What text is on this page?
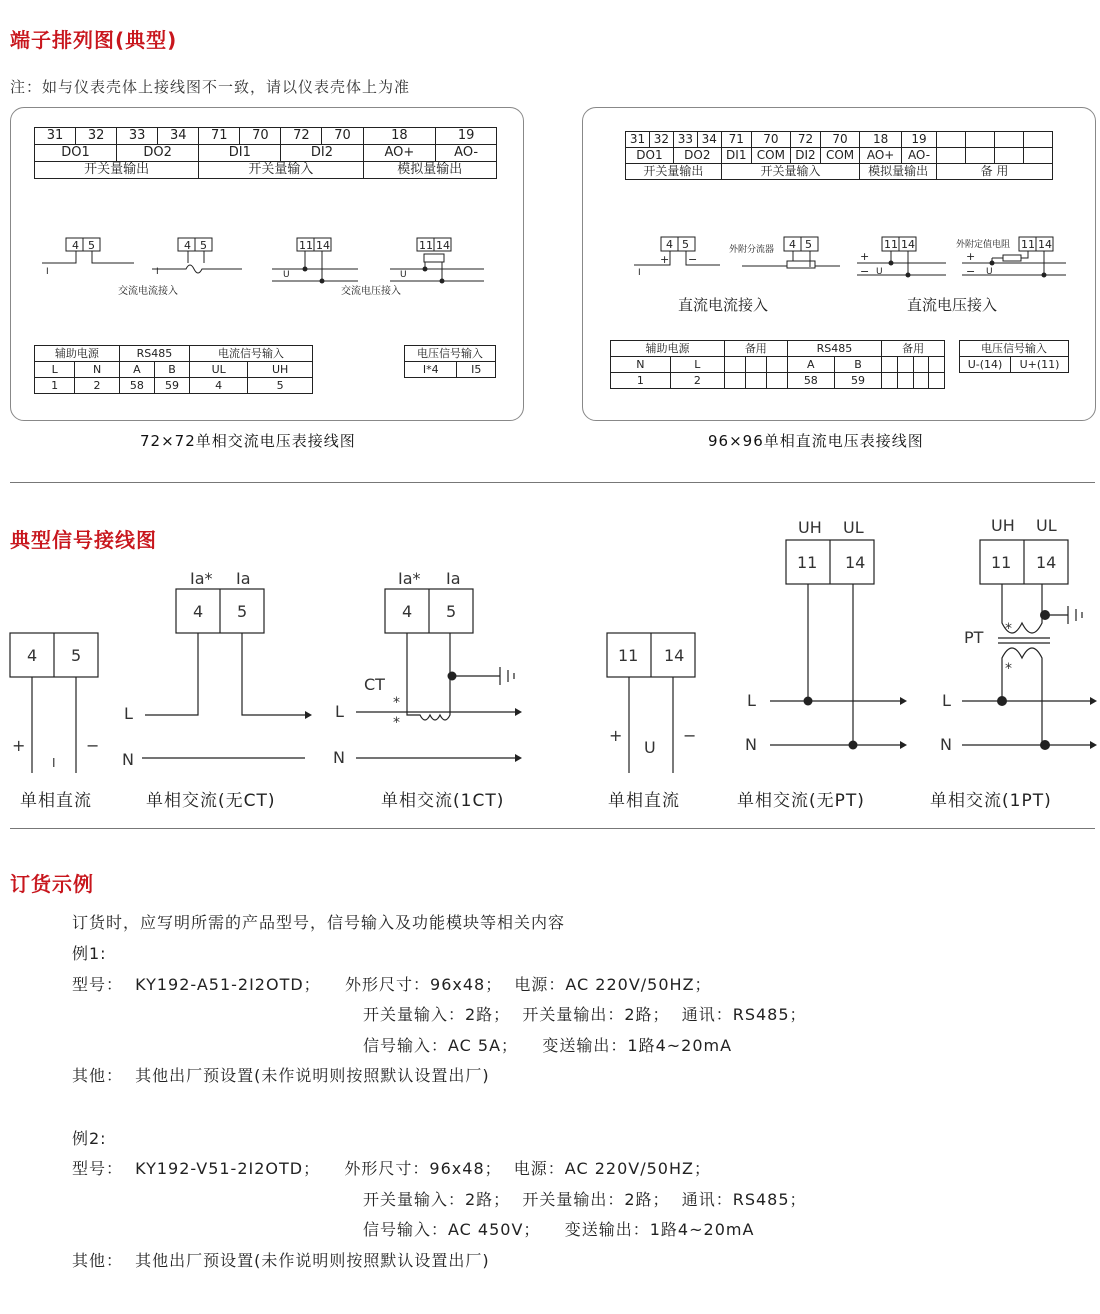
端子排列图(典型)
注：如与仪表壳体上接线图不一致，请以仪表壳体上为准
31	32	33	34	71	70	72	70	18	19
DO1		DO2		DI1		DI2		AO+	AO-
开关量输出				开关量输入				模拟量输出	
4 5	4 5	11 14	11 14
I	I	U	U
交流电流接入	交流电压接入
辅助电源		RS485		电流信号输入	
L	N	A	B	UL	UH
1	2	58	59	4	5
电压信号输入
I*4	I5
72×72单相交流电压表接线图
31	32	33	34	71	70	72	70	18	19				
DO1		DO2		DI1	COM	DI2	COM	AO+	AO-				
开关量输出				开关量输入				模拟量输出		备 用			
4 5	4 5	11 14	11 14
I
+ −	+
− U
+
− U
外附分流器	外附定值电阻
直流电流接入	直流电压接入
辅助电源		备用			RS485		备用			
N	L				A	B				
1	2				58	59				
电压信号输入
U-(14)	U+(11)
96×96单相直流电压表接线图
典型信号接线图
4 5
4 5	4 5
11 14
11 14	11 14
Ia* Ia	Ia* Ia
UH UL	UH UL
CT
PT
L
N
L
N
L
N
L
N
+	−
I
+	−
U
*
*
*
*
单相直流	单相交流(无CT)	单相交流(1CT)	单相直流	单相交流(无PT)	单相交流(1PT)
订货示例
订货时，应写明所需的产品型号，信号输入及功能模块等相关内容
例1:
型号：  KY192-A51-2I2OTD；    外形尺寸：96x48；  电源：AC 220V/50HZ；
开关量输入：2路；  开关量输出：2路；  通讯：RS485；
信号输入：AC 5A；    变送输出：1路4~20mA
其他：  其他出厂预设置(未作说明则按照默认设置出厂)
例2:
型号：  KY192-V51-2I2OTD；    外形尺寸：96x48；  电源：AC 220V/50HZ；
开关量输入：2路；  开关量输出：2路；  通讯：RS485；
信号输入：AC 450V；    变送输出：1路4~20mA
其他：  其他出厂预设置(未作说明则按照默认设置出厂)
